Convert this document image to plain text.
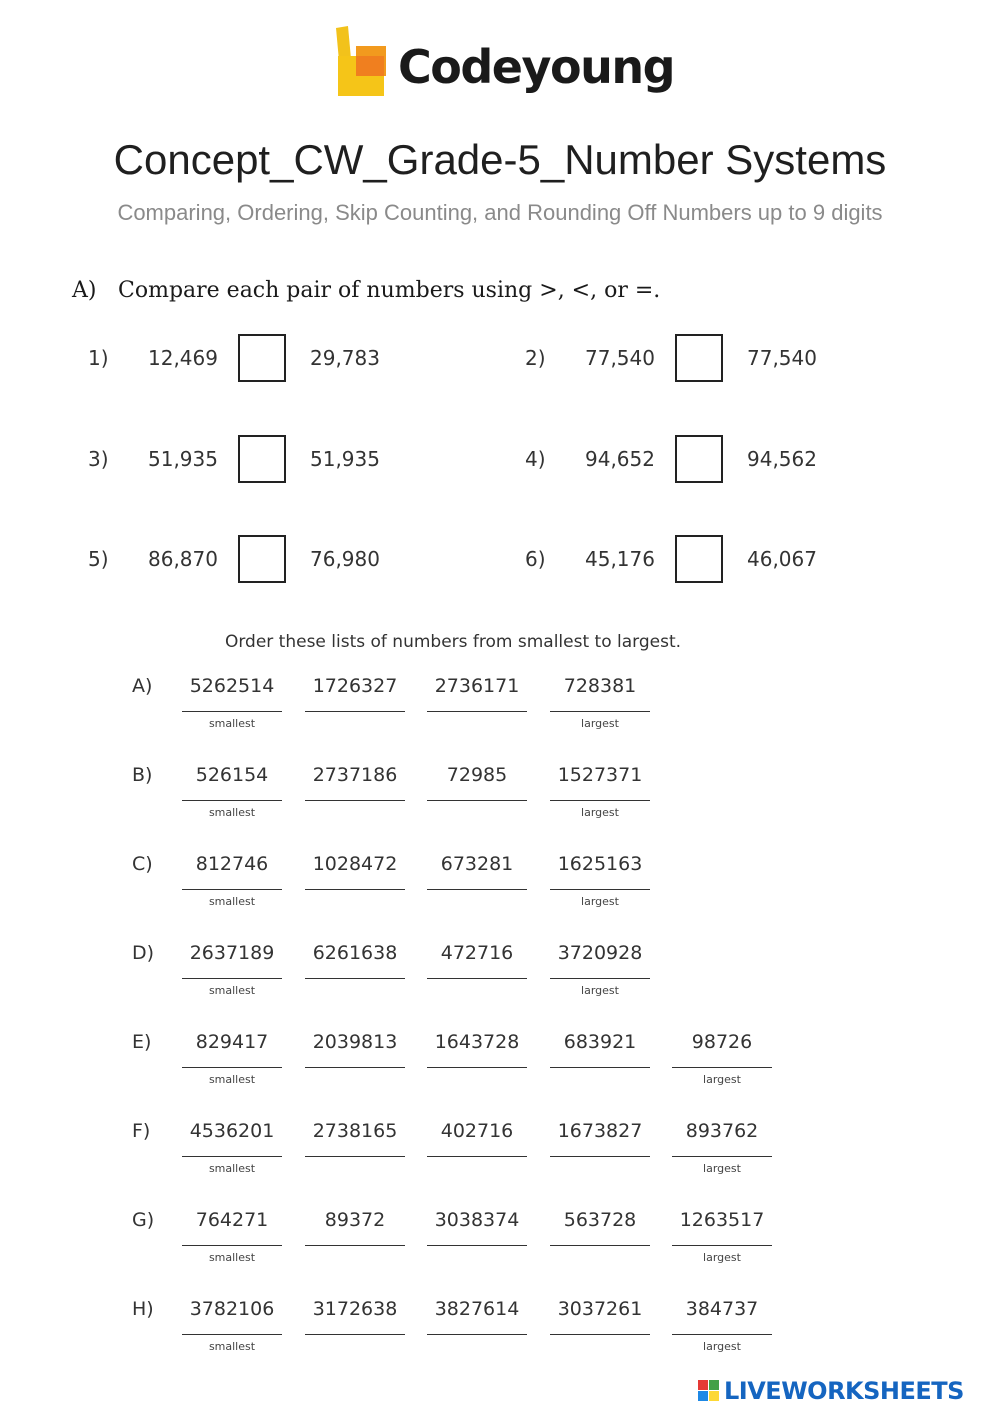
Codeyoung
Concept_CW_Grade-5_Number Systems
Comparing, Ordering, Skip Counting, and Rounding Off Numbers up to 9 digits
A) Compare each pair of numbers using >, <, or =.
1) 12,469	29,783	2) 77,540	77,540
3) 51,935	51,935	4) 94,652	94,562
5) 86,870	76,980	6) 45,176	46,067
Order these lists of numbers from smallest to largest.
A)	5262514
smallest
1726327	2736171	728381
largest
B)	526154
smallest
2737186	72985	1527371
largest
C)	812746
smallest
1028472	673281	1625163
largest
D)	2637189
smallest
6261638	472716	3720928
largest
E)	829417
smallest
2039813	1643728	683921	98726
largest
F)	4536201
smallest
2738165	402716	1673827	893762
largest
G)	764271
smallest
89372	3038374	563728	1263517
largest
H)	3782106
smallest
3172638	3827614	3037261	384737
largest
LIVEWORKSHEETS
